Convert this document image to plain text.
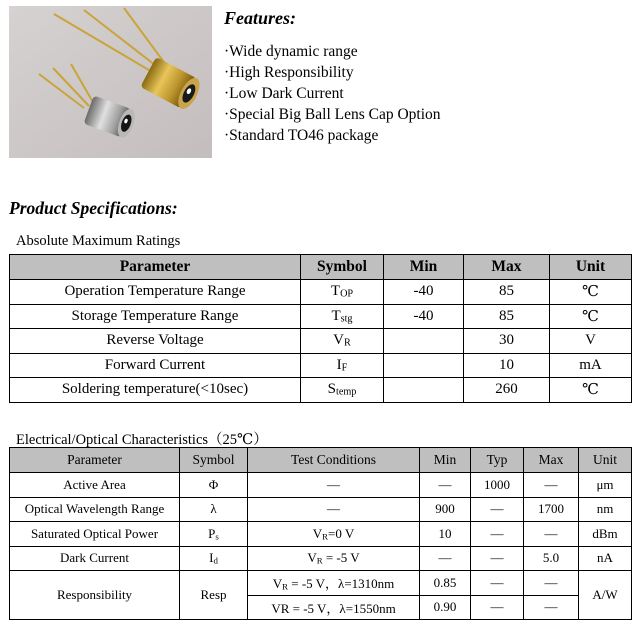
Features:
·Wide dynamic range
·High Responsibility
·Low Dark Current
·Special Big Ball Lens Cap Option
·Standard TO46 package
Product Specifications:
Absolute Maximum Ratings
Parameter	Symbol	Min	Max	Unit
Operation Temperature Range	$T_{OP}$	-40	85	℃
Storage Temperature Range	$T_{stg}$	-40	85	℃
Reverse Voltage	$V_R$		30	V
Forward Current	$I_F$		10	mA
Soldering temperature(<10sec)	$S_{temp}$		260	℃
Electrical/Optical Characteristics（25℃）
Parameter	Symbol	Test Conditions	Min	Typ	Max	Unit
Active Area	Φ	—	—	1000	—	μm
Optical Wavelength Range	λ	—	900	—	1700	nm
Saturated Optical Power	$P_s$	$V_R=0$ V	10	—	—	dBm
Dark Current	$I_d$	$V_R = -5$ V	—	—	5.0	nA
Responsibility	Resp	$V_R = -5$ V，λ=1310nm	0.85	—	—	A/W
		VR = -5 V，λ=1550nm	0.90	—	—	
